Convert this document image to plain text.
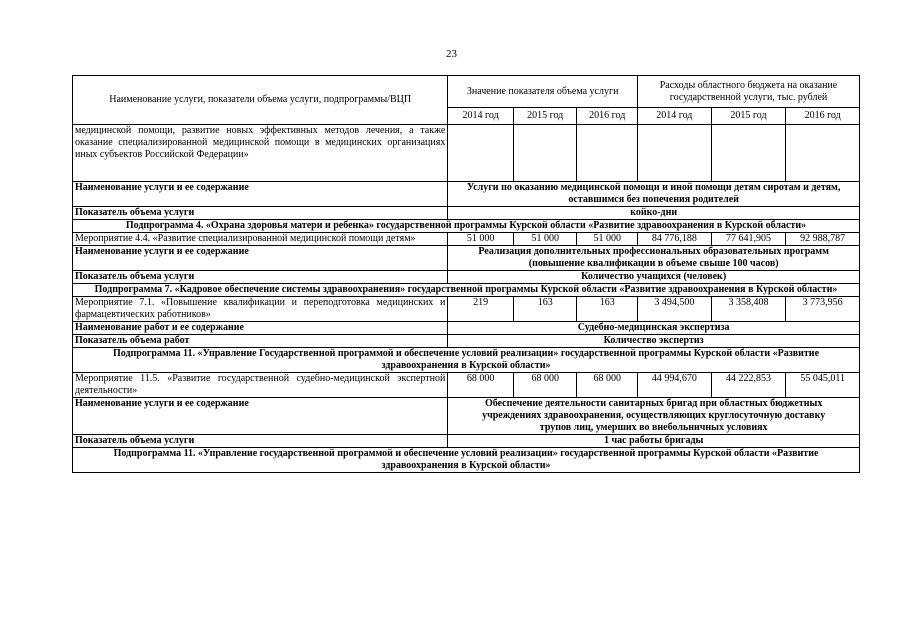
23
Наименование услуги, показатели объема услуги, подпрограммы/ВЦП	Значение показателя объема услуги			Расходы областного бюджета на оказание государственной услуги, тыс. рублей		
	2014 год	2015 год	2016 год	2014 год	2015 год	2016 год
медицинской помощи, развитие новых эффективных методов лечения, а также оказание специализированной медицинской помощи в медицинских организациях иных субъектов Российской Федерации»						
Наименование услуги и ее содержание	Услуги по оказанию медицинской помощи и иной помощи детям сиротам и детям, оставшимся без попечения родителей					
Показатель объема услуги	койко-дни					
Подпрограмма 4. «Охрана здоровья матери и ребенка» государственной программы Курской области «Развитие здравоохранения в Курской области»						
Мероприятие 4.4. «Развитие специализированной медицинской помощи детям»	51 000	51 000	51 000	84 776,188	77 641,905	92 988,787
Наименование услуги и ее содержание	Реализация дополнительных профессиональных образовательных программ (повышение квалификации в объеме свыше 100 часов)					
Показатель объема услуги	Количество учащихся (человек)					
Подпрограмма 7. «Кадровое обеспечение системы здравоохранения» государственной программы Курской области «Развитие здравоохранения в Курской области»						
Мероприятие 7.1. «Повышение квалификации и переподготовка медицинских и фармацевтических работников»	219	163	163	3 494,500	3 358,408	3 773,956
Наименование работ и ее содержание	Судебно-медицинская экспертиза					
Показатель объема работ	Количество экспертиз					
Подпрограмма 11. «Управление Государственной программой и обеспечение условий реализации» государственной программы Курской области «Развитие здравоохранения в Курской области»						
Мероприятие 11.5. «Развитие государственной судебно-медицинской экспертной деятельности»	68 000	68 000	68 000	44 994,670	44 222,853	55 045,011
Наименование услуги и ее содержание	Обеспечение деятельности санитарных бригад при областных бюджетных учреждениях здравоохранения, осуществляющих круглосуточную доставку трупов лиц, умерших во внебольничных условиях					
Показатель объема услуги	1 час работы бригады					
Подпрограмма 11. «Управление государственной программой и обеспечение условий реализации» государственной программы Курской области «Развитие здравоохранения в Курской области»						
